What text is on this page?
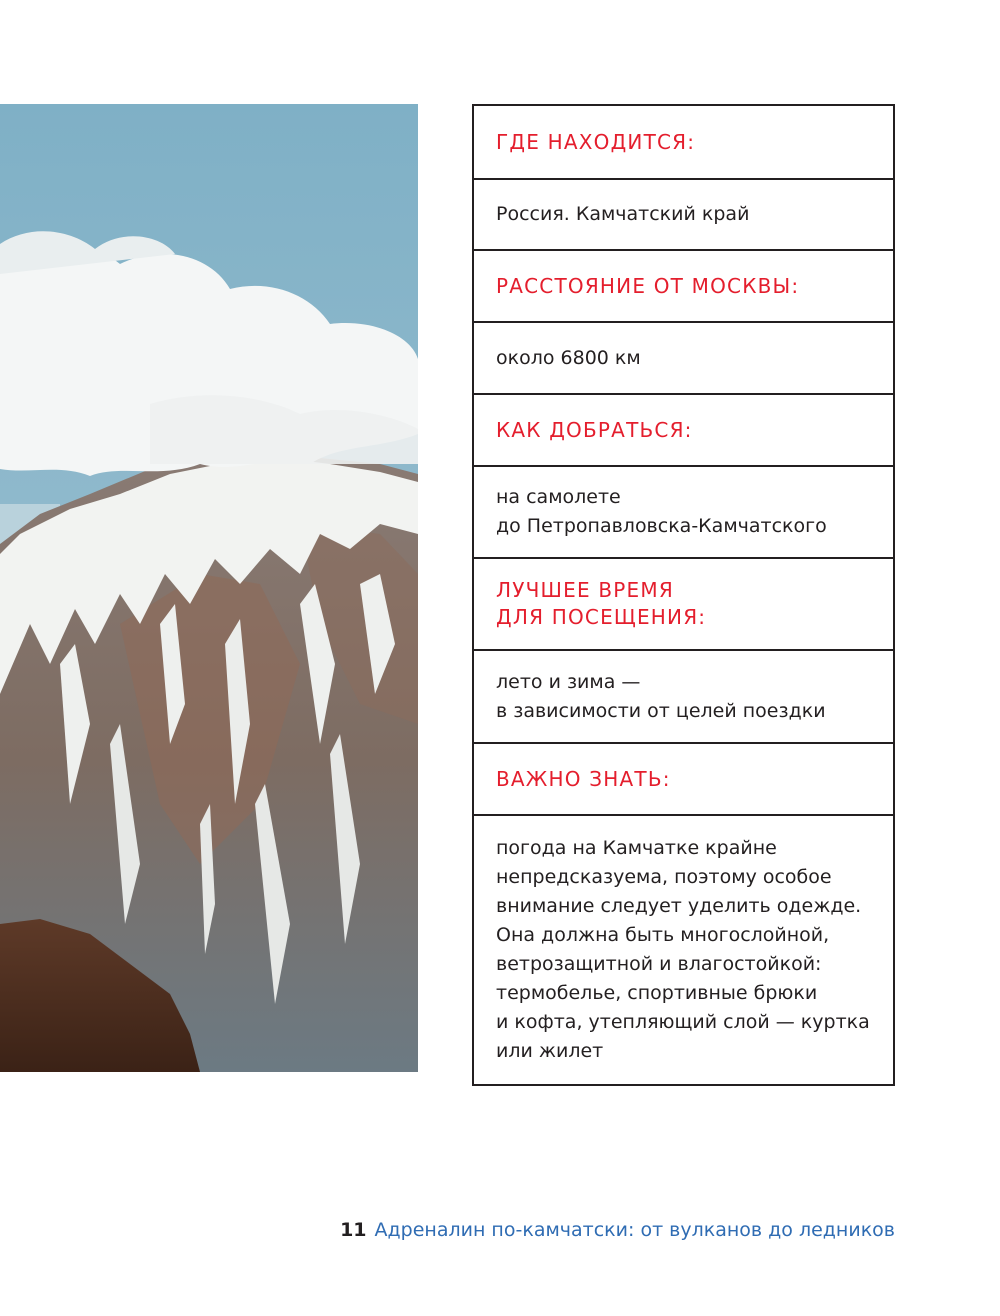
ГДЕ НАХОДИТСЯ:
Россия. Камчатский край
РАССТОЯНИЕ ОТ МОСКВЫ:
около 6800 км
КАК ДОБРАТЬСЯ:
на самолете
до Петропавловска-Камчатского
ЛУЧШЕЕ ВРЕМЯ
ДЛЯ ПОСЕЩЕНИЯ:
лето и зима —
в зависимости от целей поездки
ВАЖНО ЗНАТЬ:
погода на Камчатке крайне
непредсказуема, поэтому особое
внимание следует уделить одежде.
Она должна быть многослойной,
ветрозащитной и влагостойкой:
термобелье, спортивные брюки
и кофта, утепляющий слой — куртка
или жилет
11 Адреналин по-камчатски: от вулканов до ледников
